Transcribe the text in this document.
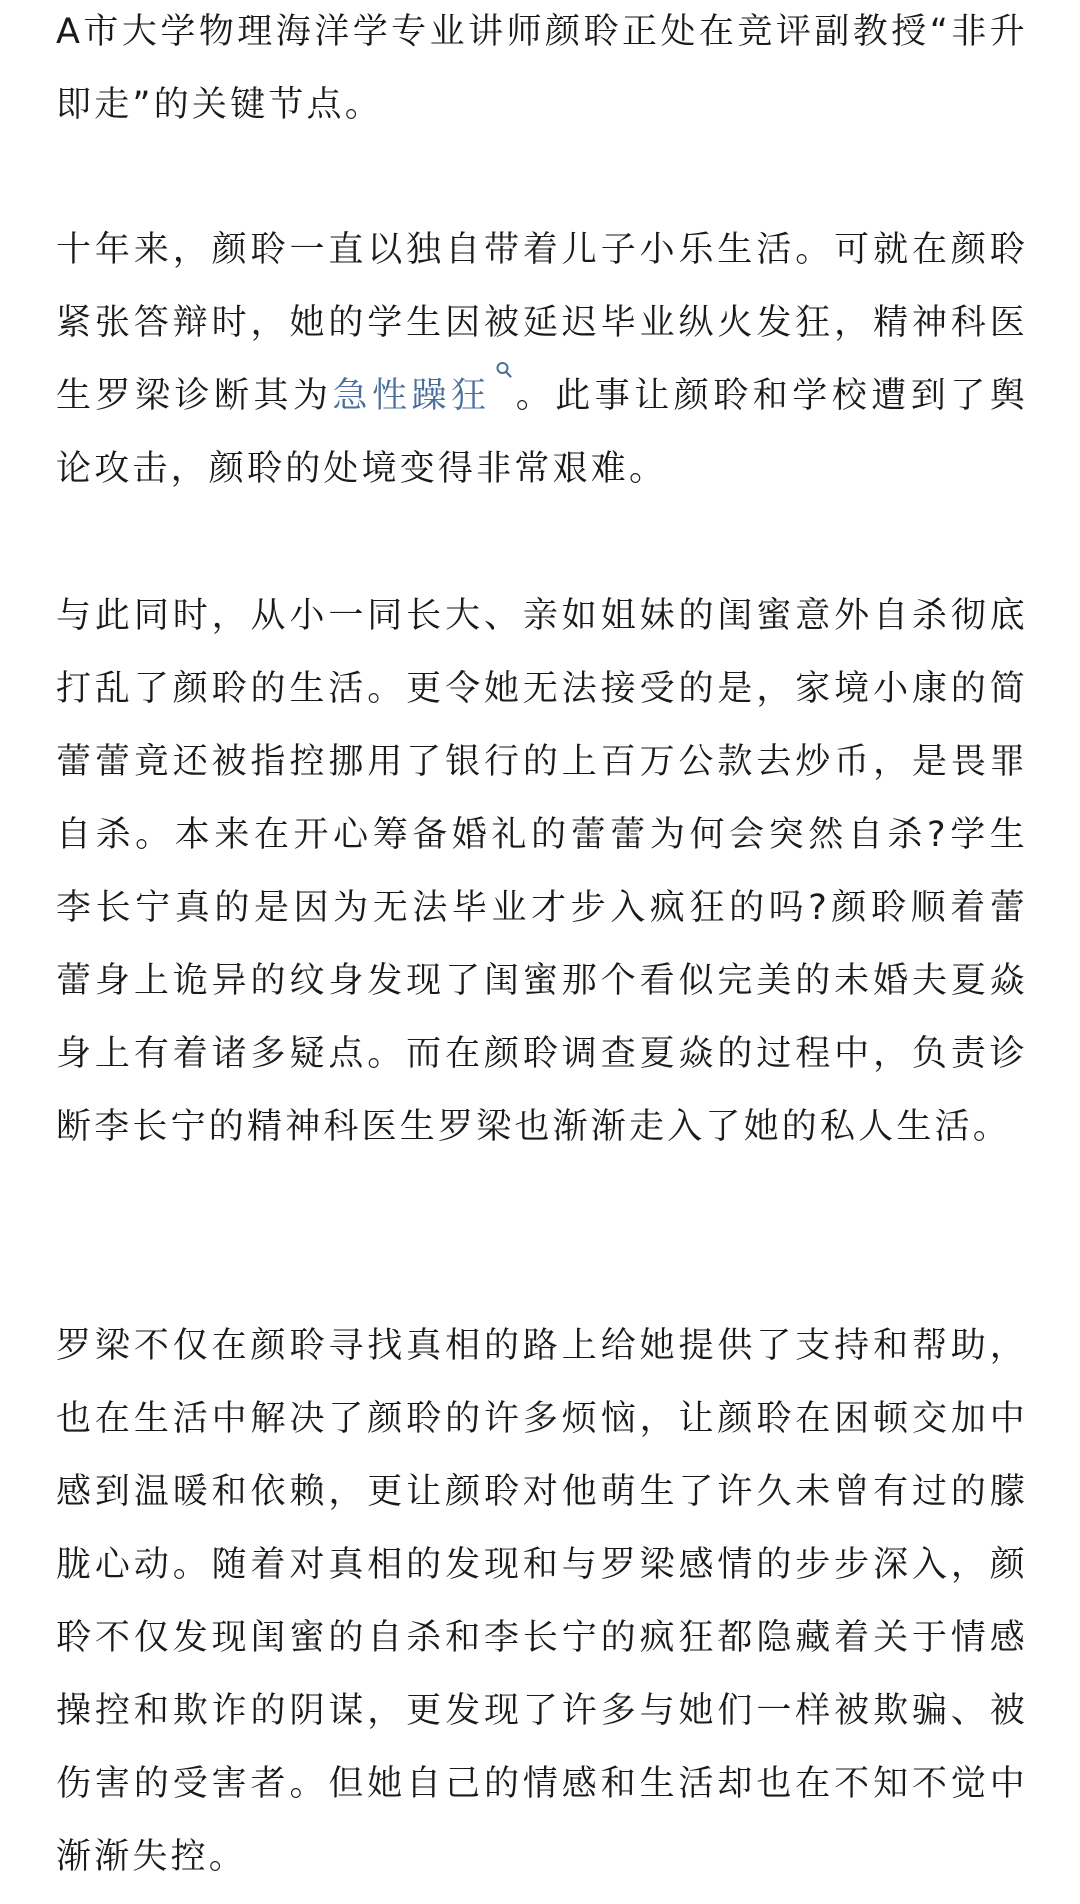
A市大学物理海洋学专业讲师颜聆正处在竞评副教授“非升即走”的关键节点。

十年来，颜聆一直以独自带着儿子小乐生活。可就在颜聆紧张答辩时，她的学生因被延迟毕业纵火发狂，精神科医生罗梁诊断其为急性躁狂 。此事让颜聆和学校遭到了舆论攻击，颜聆的处境变得非常艰难。

与此同时，从小一同长大、亲如姐妹的闺蜜意外自杀彻底打乱了颜聆的生活。更令她无法接受的是，家境小康的简蕾蕾竟还被指控挪用了银行的上百万公款去炒币，是畏罪自杀。本来在开心筹备婚礼的蕾蕾为何会突然自杀?学生李长宁真的是因为无法毕业才步入疯狂的吗?颜聆顺着蕾 蕾身上诡异的纹身发现了闺蜜那个看似完美的未婚夫夏焱身上有着诸多疑点。而在颜聆调查夏焱的过程中，负责诊断李长宁的精神科医生罗梁也渐渐走入了她的私人生活。

罗梁不仅在颜聆寻找真相的路上给她提供了支持和帮助，也在生活中解决了颜聆的许多烦恼，让颜聆在困顿交加中感到温暖和依赖，更让颜聆对他萌生了许久未曾有过的朦胧心动。随着对真相的发现和与罗梁感情的步步深入，颜聆不仅发现闺蜜的自杀和李长宁的疯狂都隐藏着关于情感操控和欺诈的阴谋，更发现了许多与她们一样被欺骗、被伤害的受害者。但她自己的情感和生活却也在不知不觉中渐渐失控。
